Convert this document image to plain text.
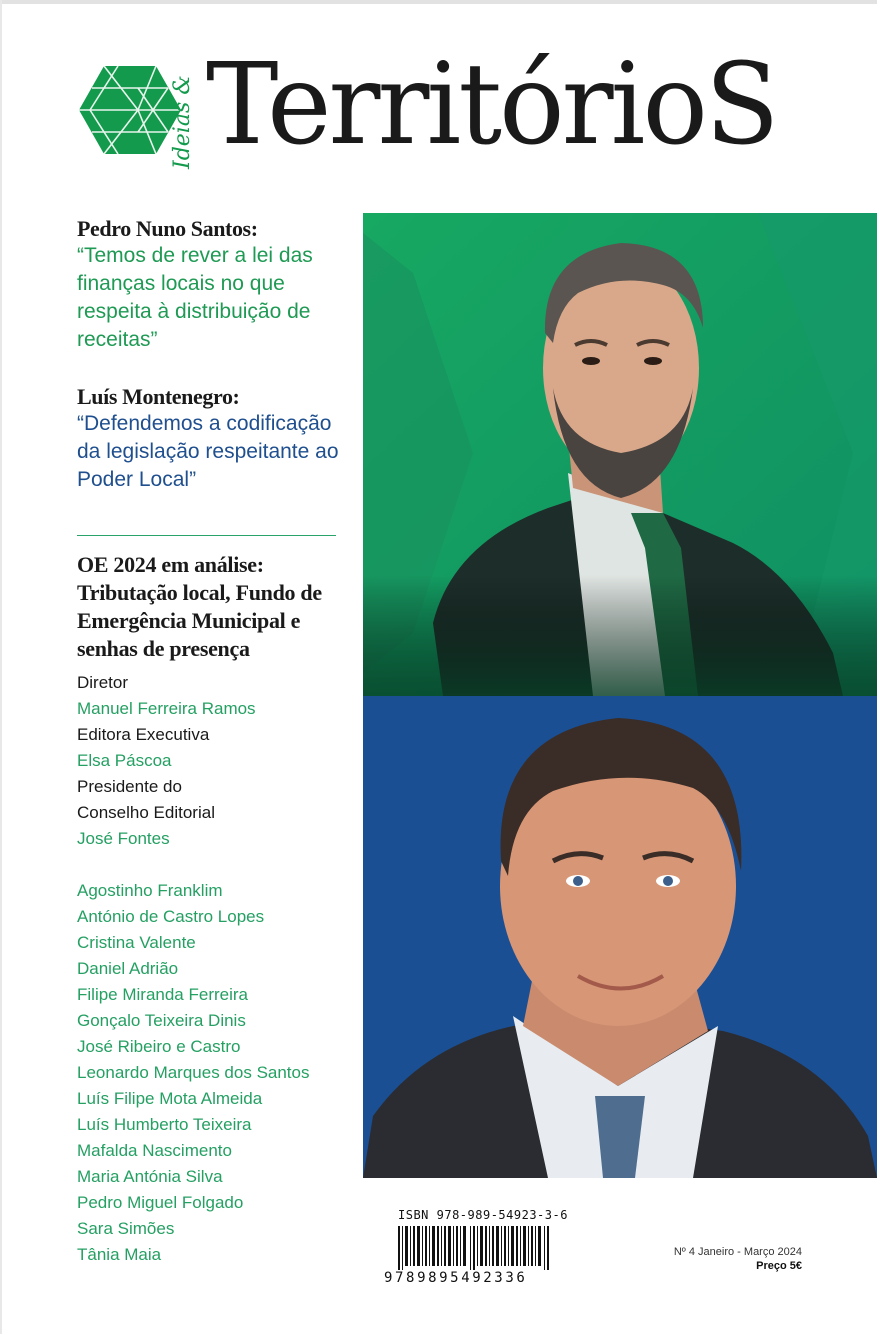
Ideias & TerritórioS
Pedro Nuno Santos:
“Temos de rever a lei das finanças locais no que respeita à distribuição de receitas”
Luís Montenegro:
“Defendemos a codificação da legislação respeitante ao Poder Local”
OE 2024 em análise:
Tributação local, Fundo de
Emergência Municipal e
senhas de presença
Diretor
Manuel Ferreira Ramos
Editora Executiva
Elsa Páscoa
Presidente do
Conselho Editorial
José Fontes
Agostinho Franklim
António de Castro Lopes
Cristina Valente
Daniel Adrião
Filipe Miranda Ferreira
Gonçalo Teixeira Dinis
José Ribeiro e Castro
Leonardo Marques dos Santos
Luís Filipe Mota Almeida
Luís Humberto Teixeira
Mafalda Nascimento
Maria Antónia Silva
Pedro Miguel Folgado
Sara Simões
Tânia Maia
ISBN 978-989-54923-3-6
9789895492336
Nº 4 Janeiro - Março 2024
Preço 5€
